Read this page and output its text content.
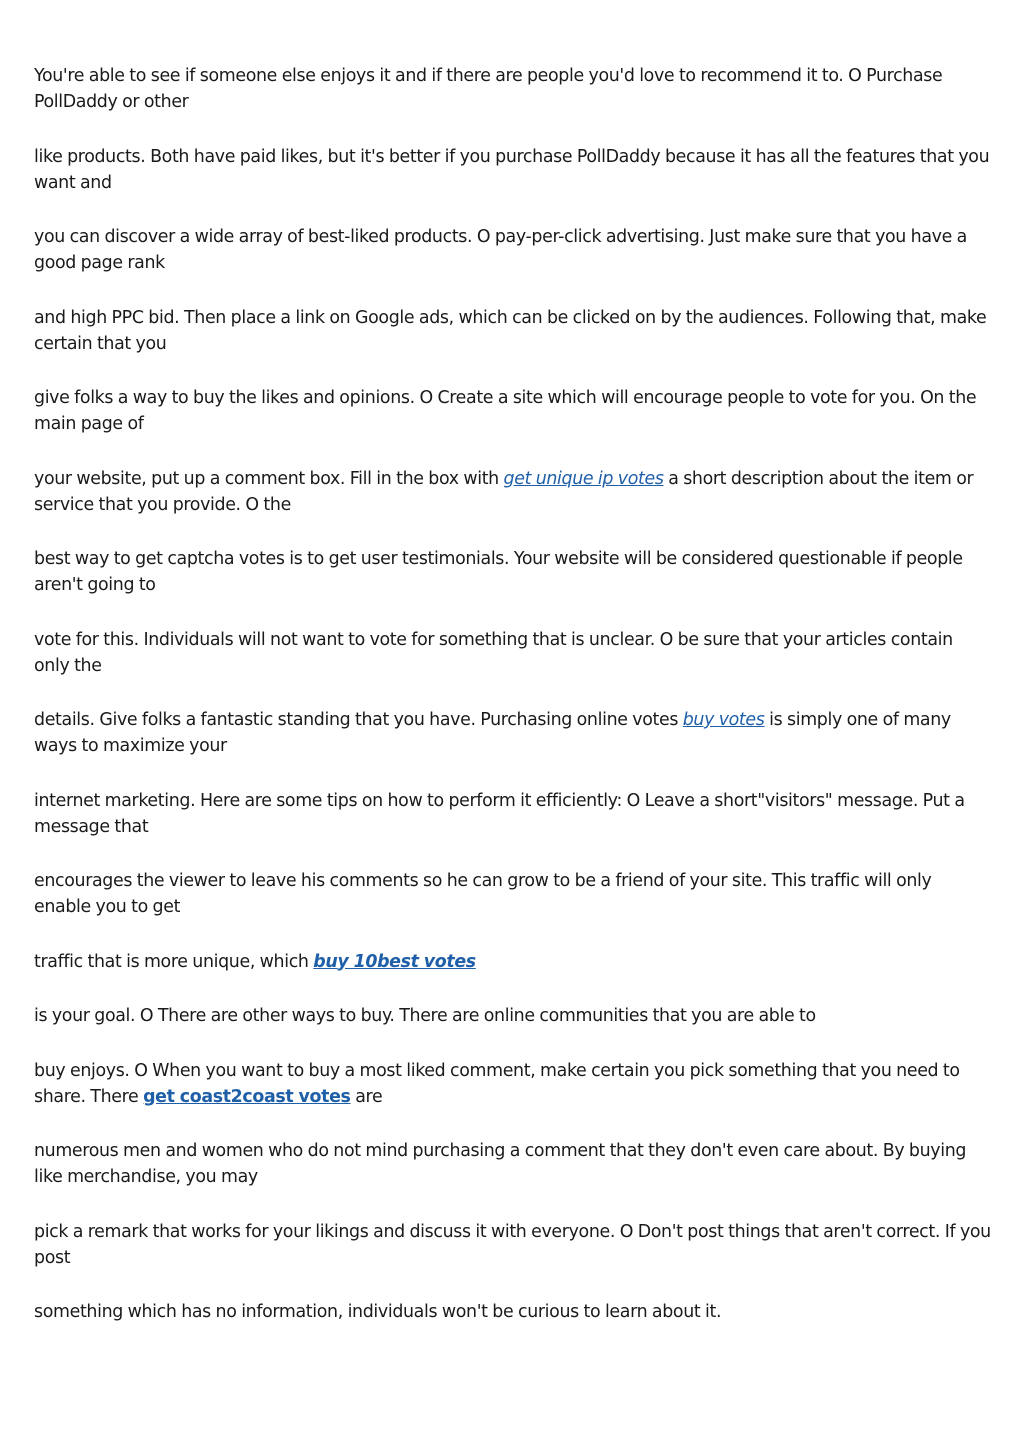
You're able to see if someone else enjoys it and if there are people you'd love to recommend it to. O Purchase PollDaddy or other

like products. Both have paid likes, but it's better if you purchase PollDaddy because it has all the features that you want and

you can discover a wide array of best-liked products. O pay-per-click advertising. Just make sure that you have a good page rank

and high PPC bid. Then place a link on Google ads, which can be clicked on by the audiences. Following that, make certain that you

give folks a way to buy the likes and opinions. O Create a site which will encourage people to vote for you. On the main page of

your website, put up a comment box. Fill in the box with get unique ip votes a short description about the item or service that you provide. O the

best way to get captcha votes is to get user testimonials. Your website will be considered questionable if people aren't going to

vote for this. Individuals will not want to vote for something that is unclear. O be sure that your articles contain only the

details. Give folks a fantastic standing that you have. Purchasing online votes buy votes is simply one of many ways to maximize your

internet marketing. Here are some tips on how to perform it efficiently: O Leave a short"visitors" message. Put a message that

encourages the viewer to leave his comments so he can grow to be a friend of your site. This traffic will only enable you to get

traffic that is more unique, which buy 10best votes

is your goal. O There are other ways to buy. There are online communities that you are able to

buy enjoys. O When you want to buy a most liked comment, make certain you pick something that you need to share. There get coast2coast votes are

numerous men and women who do not mind purchasing a comment that they don't even care about. By buying like merchandise, you may

pick a remark that works for your likings and discuss it with everyone. O Don't post things that aren't correct. If you post

something which has no information, individuals won't be curious to learn about it.
